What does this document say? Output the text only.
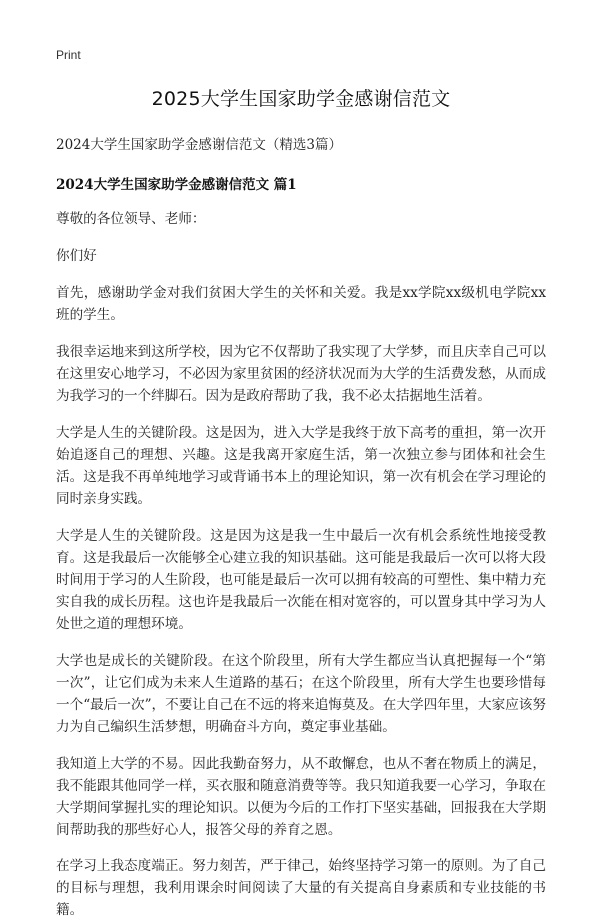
Print
2025大学生国家助学金感谢信范文
2024大学生国家助学金感谢信范文（精选3篇）
2024大学生国家助学金感谢信范文 篇1

尊敬的各位领导、老师：

你们好

首先，感谢助学金对我们贫困大学生的关怀和关爱。我是xx学院xx级机电学院xx班的学生。

我很幸运地来到这所学校，因为它不仅帮助了我实现了大学梦，而且庆幸自己可以在这里安心地学习，不必因为家里贫困的经济状况而为大学的生活费发愁，从而成为我学习的一个绊脚石。因为是政府帮助了我，我不必太拮据地生活着。

大学是人生的关键阶段。这是因为，进入大学是我终于放下高考的重担，第一次开始追逐自己的理想、兴趣。这是我离开家庭生活，第一次独立参与团体和社会生活。这是我不再单纯地学习或背诵书本上的理论知识，第一次有机会在学习理论的同时亲身实践。

大学是人生的关键阶段。这是因为这是我一生中最后一次有机会系统性地接受教育。这是我最后一次能够全心建立我的知识基础。这可能是我最后一次可以将大段时间用于学习的人生阶段，也可能是最后一次可以拥有较高的可塑性、集中精力充实自我的成长历程。这也许是我最后一次能在相对宽容的，可以置身其中学习为人处世之道的理想环境。

大学也是成长的关键阶段。在这个阶段里，所有大学生都应当认真把握每一个“第一次”，让它们成为未来人生道路的基石；在这个阶段里，所有大学生也要珍惜每一个“最后一次”，不要让自己在不远的将来追悔莫及。在大学四年里，大家应该努力为自己编织生活梦想，明确奋斗方向，奠定事业基础。

我知道上大学的不易。因此我勤奋努力，从不敢懈怠，也从不奢在物质上的满足，我不能跟其他同学一样，买衣服和随意消费等等。我只知道我要一心学习，争取在大学期间掌握扎实的理论知识。以便为今后的工作打下坚实基础，回报我在大学期间帮助我的那些好心人，报答父母的养育之恩。

在学习上我态度端正。努力刻苦，严于律己，始终坚持学习第一的原则。为了自己的目标与理想，我利用课余时间阅读了大量的有关提高自身素质和专业技能的书籍。
